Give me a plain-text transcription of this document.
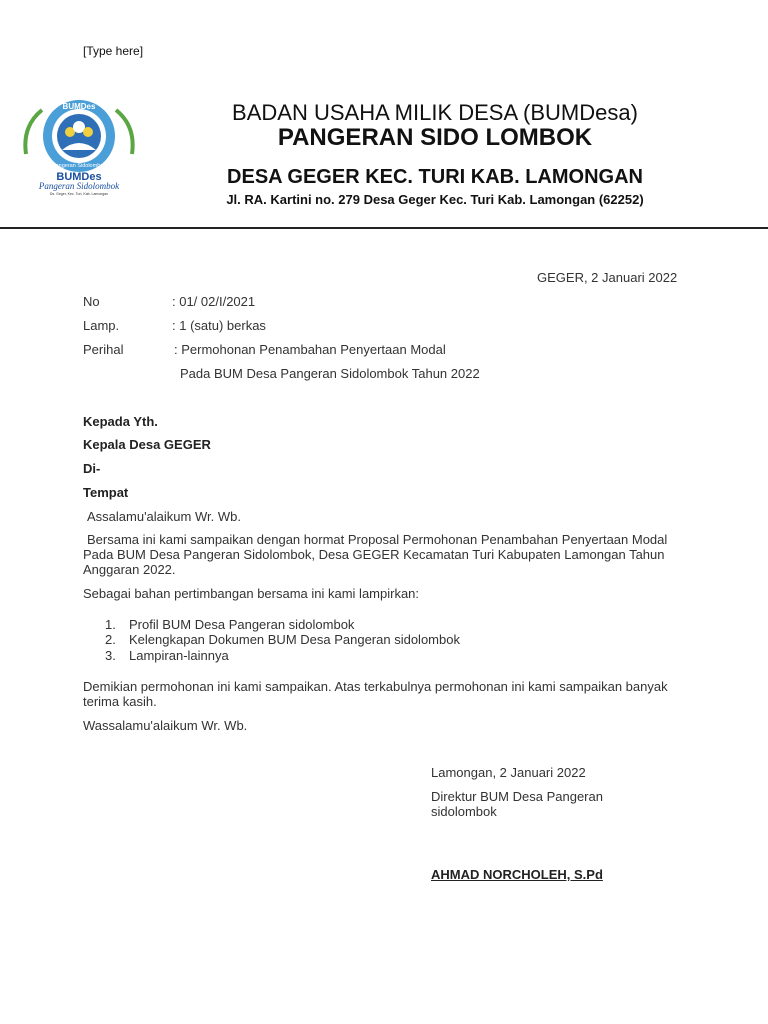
[Type here]
BUMDes
Pangeran Sidolombok
BUMDes
Pangeran Sidolombok
Ds. Geger, Kec. Turi, Kab. Lamongan
BADAN USAHA MILIK DESA (BUMDesa)
PANGERAN SIDO LOMBOK
DESA GEGER KEC. TURI KAB. LAMONGAN
Jl. RA. Kartini no. 279 Desa Geger Kec. Turi Kab. Lamongan (62252)
GEGER, 2 Januari 2022
No	: 01/ 02/I/2021
Lamp.	: 1 (satu) berkas
Perihal	: Permohonan Penambahan Penyertaan Modal
Pada BUM Desa Pangeran Sidolombok Tahun 2022
Kepada Yth.
Kepala Desa GEGER
Di-
Tempat
Assalamu'alaikum Wr. Wb.
Bersama ini kami sampaikan dengan hormat Proposal Permohonan Penambahan Penyertaan Modal Pada BUM Desa Pangeran Sidolombok, Desa GEGER Kecamatan Turi Kabupaten Lamongan Tahun Anggaran 2022.
Sebagai bahan pertimbangan bersama ini kami lampirkan:
1. Profil BUM Desa Pangeran sidolombok
2. Kelengkapan Dokumen BUM Desa Pangeran sidolombok
3. Lampiran-lainnya
Demikian permohonan ini kami sampaikan. Atas terkabulnya permohonan ini kami sampaikan banyak terima kasih.
Wassalamu'alaikum Wr. Wb.
Lamongan, 2 Januari 2022
Direktur BUM Desa Pangeran sidolombok
AHMAD NORCHOLEH, S.Pd
